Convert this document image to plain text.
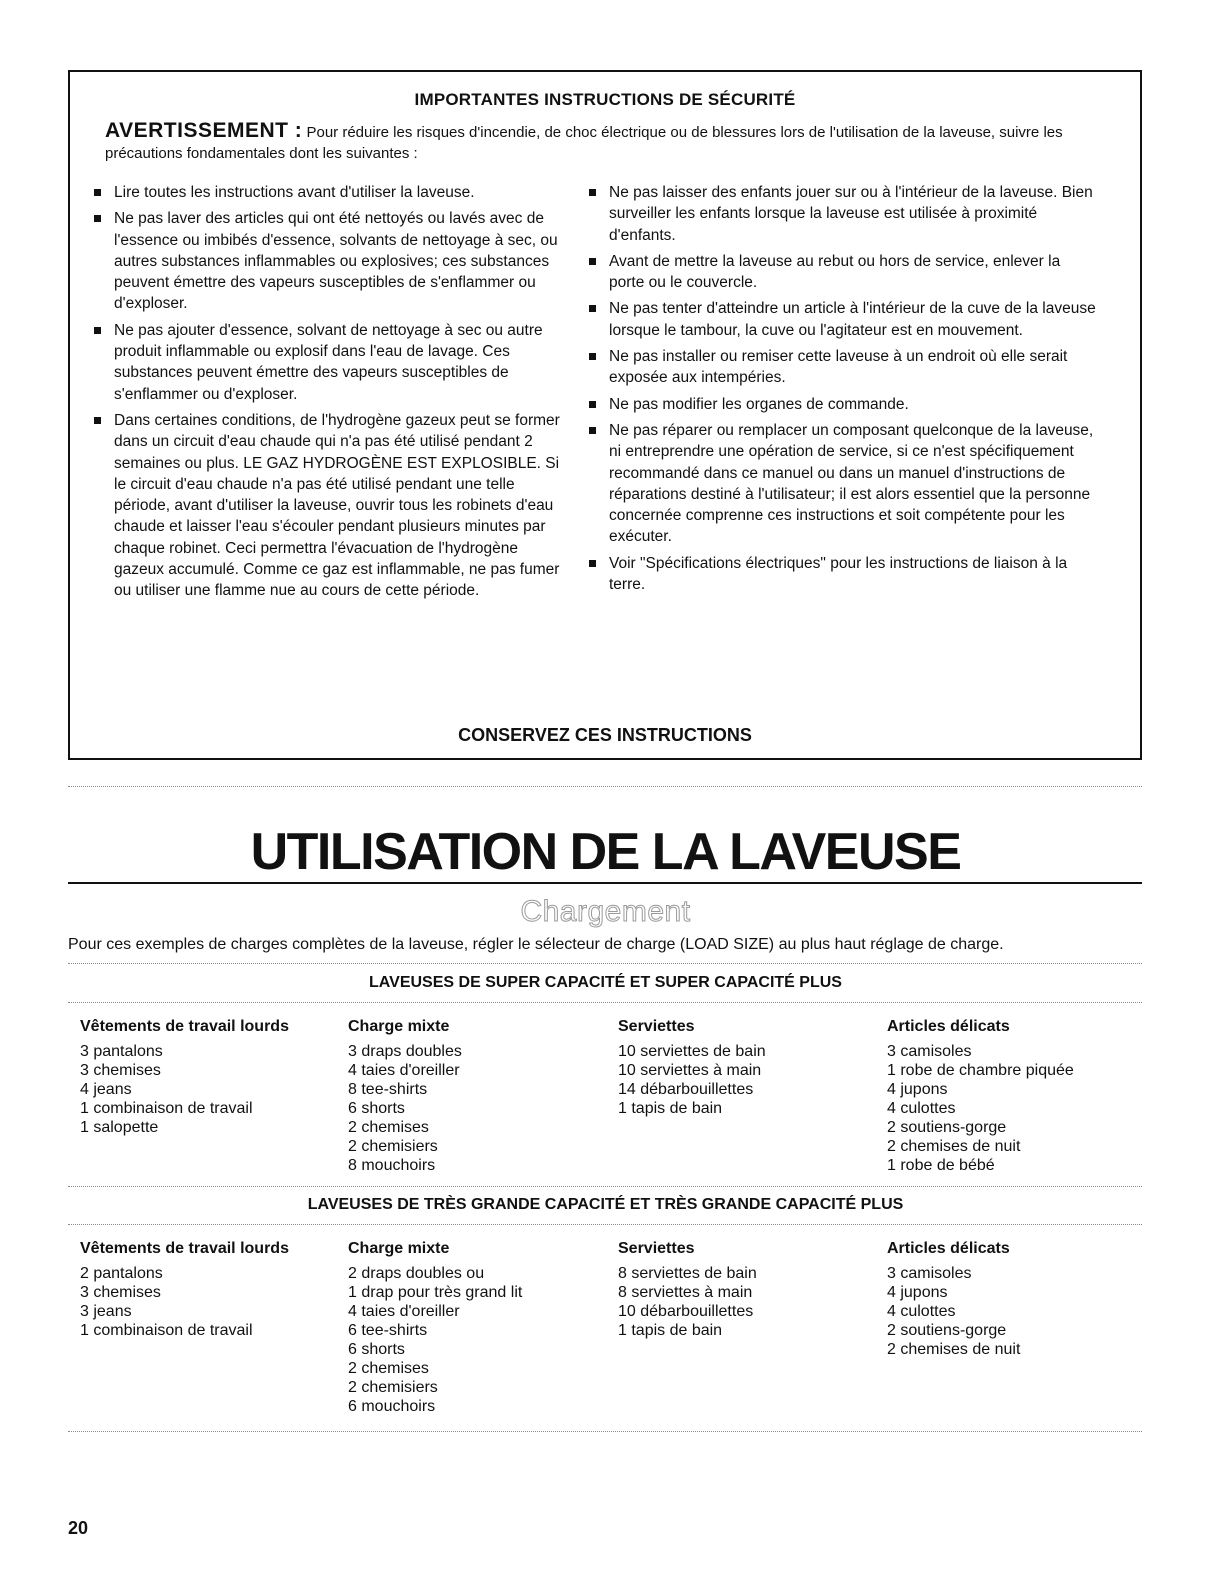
IMPORTANTES INSTRUCTIONS DE SÉCURITÉ
AVERTISSEMENT : Pour réduire les risques d'incendie, de choc électrique ou de blessures lors de l'utilisation de la laveuse, suivre les précautions fondamentales dont les suivantes :
Lire toutes les instructions avant d'utiliser la laveuse.
Ne pas laver des articles qui ont été nettoyés ou lavés avec de l'essence ou imbibés d'essence, solvants de nettoyage à sec, ou autres substances inflammables ou explosives; ces substances peuvent émettre des vapeurs susceptibles de s'enflammer ou d'exploser.
Ne pas ajouter d'essence, solvant de nettoyage à sec ou autre produit inflammable ou explosif dans l'eau de lavage. Ces substances peuvent émettre des vapeurs susceptibles de s'enflammer ou d'exploser.
Dans certaines conditions, de l'hydrogène gazeux peut se former dans un circuit d'eau chaude qui n'a pas été utilisé pendant 2 semaines ou plus. LE GAZ HYDROGÈNE EST EXPLOSIBLE. Si le circuit d'eau chaude n'a pas été utilisé pendant une telle période, avant d'utiliser la laveuse, ouvrir tous les robinets d'eau chaude et laisser l'eau s'écouler pendant plusieurs minutes par chaque robinet. Ceci permettra l'évacuation de l'hydrogène gazeux accumulé. Comme ce gaz est inflammable, ne pas fumer ou utiliser une flamme nue au cours de cette période.
Ne pas laisser des enfants jouer sur ou à l'intérieur de la laveuse. Bien surveiller les enfants lorsque la laveuse est utilisée à proximité d'enfants.
Avant de mettre la laveuse au rebut ou hors de service, enlever la porte ou le couvercle.
Ne pas tenter d'atteindre un article à l'intérieur de la cuve de la laveuse lorsque le tambour, la cuve ou l'agitateur est en mouvement.
Ne pas installer ou remiser cette laveuse à un endroit où elle serait exposée aux intempéries.
Ne pas modifier les organes de commande.
Ne pas réparer ou remplacer un composant quelconque de la laveuse, ni entreprendre une opération de service, si ce n'est spécifiquement recommandé dans ce manuel ou dans un manuel d'instructions de réparations destiné à l'utilisateur; il est alors essentiel que la personne concernée comprenne ces instructions et soit compétente pour les exécuter.
Voir "Spécifications électriques" pour les instructions de liaison à la terre.
CONSERVEZ CES INSTRUCTIONS
UTILISATION DE LA LAVEUSE
Chargement
Pour ces exemples de charges complètes de la laveuse, régler le sélecteur de charge (LOAD SIZE) au plus haut réglage de charge.
LAVEUSES DE SUPER CAPACITÉ ET SUPER CAPACITÉ PLUS
Vêtements de travail lourds
3 pantalons
3 chemises
4 jeans
1 combinaison de travail
1 salopette
Charge mixte
3 draps doubles
4 taies d'oreiller
8 tee-shirts
6 shorts
2 chemises
2 chemisiers
8 mouchoirs
Serviettes
10 serviettes de bain
10 serviettes à main
14 débarbouillettes
1 tapis de bain
Articles délicats
3 camisoles
1 robe de chambre piquée
4 jupons
4 culottes
2 soutiens-gorge
2 chemises de nuit
1 robe de bébé
LAVEUSES DE TRÈS GRANDE CAPACITÉ ET TRÈS GRANDE CAPACITÉ PLUS
Vêtements de travail lourds
2 pantalons
3 chemises
3 jeans
1 combinaison de travail
Charge mixte
2 draps doubles ou
1 drap pour très grand lit
4 taies d'oreiller
6 tee-shirts
6 shorts
2 chemises
2 chemisiers
6 mouchoirs
Serviettes
8 serviettes de bain
8 serviettes à main
10 débarbouillettes
1 tapis de bain
Articles délicats
3 camisoles
4 jupons
4 culottes
2 soutiens-gorge
2 chemises de nuit
20
